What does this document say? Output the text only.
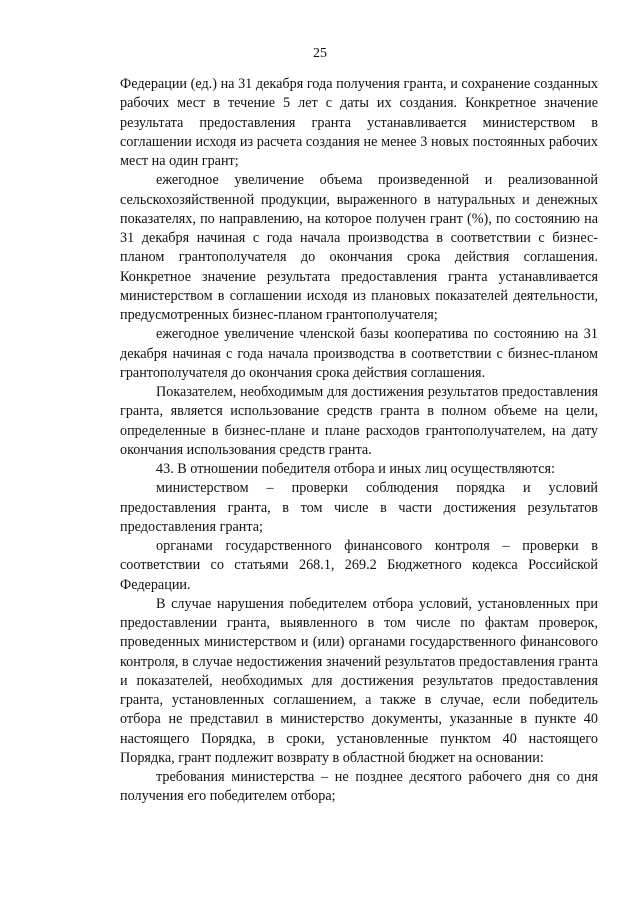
25

Федерации (ед.) на 31 декабря года получения гранта, и сохранение созданных рабочих мест в течение 5 лет с даты их создания. Конкретное значение результата предоставления гранта устанавливается министерством в соглашении исходя из расчета создания не менее 3 новых постоянных рабочих мест на один грант;

ежегодное увеличение объема произведенной и реализованной сельскохозяйственной продукции, выраженного в натуральных и денежных показателях, по направлению, на которое получен грант (%), по состоянию на 31 декабря начиная с года начала производства в соответствии с бизнес-планом грантополучателя до окончания срока действия соглашения. Конкретное значение результата предоставления гранта устанавливается министерством в соглашении исходя из плановых показателей деятельности, предусмотренных бизнес-планом грантополучателя;

ежегодное увеличение членской базы кооператива по состоянию на 31 декабря начиная с года начала производства в соответствии с бизнес-планом грантополучателя до окончания срока действия соглашения.

Показателем, необходимым для достижения результатов предоставления гранта, является использование средств гранта в полном объеме на цели, определенные в бизнес-плане и плане расходов грантополучателем, на дату окончания использования средств гранта.

43. В отношении победителя отбора и иных лиц осуществляются:

министерством – проверки соблюдения порядка и условий предоставления гранта, в том числе в части достижения результатов предоставления гранта;

органами государственного финансового контроля – проверки в соответствии со статьями 268.1, 269.2 Бюджетного кодекса Российской Федерации.

В случае нарушения победителем отбора условий, установленных при предоставлении гранта, выявленного в том числе по фактам проверок, проведенных министерством и (или) органами государственного финансового контроля, в случае недостижения значений результатов предоставления гранта и показателей, необходимых для достижения результатов предоставления гранта, установленных соглашением, а также в случае, если победитель отбора не представил в министерство документы, указанные в пункте 40 настоящего Порядка, в сроки, установленные пунктом 40 настоящего Порядка, грант подлежит возврату в областной бюджет на основании:

требования министерства – не позднее десятого рабочего дня со дня получения его победителем отбора;
